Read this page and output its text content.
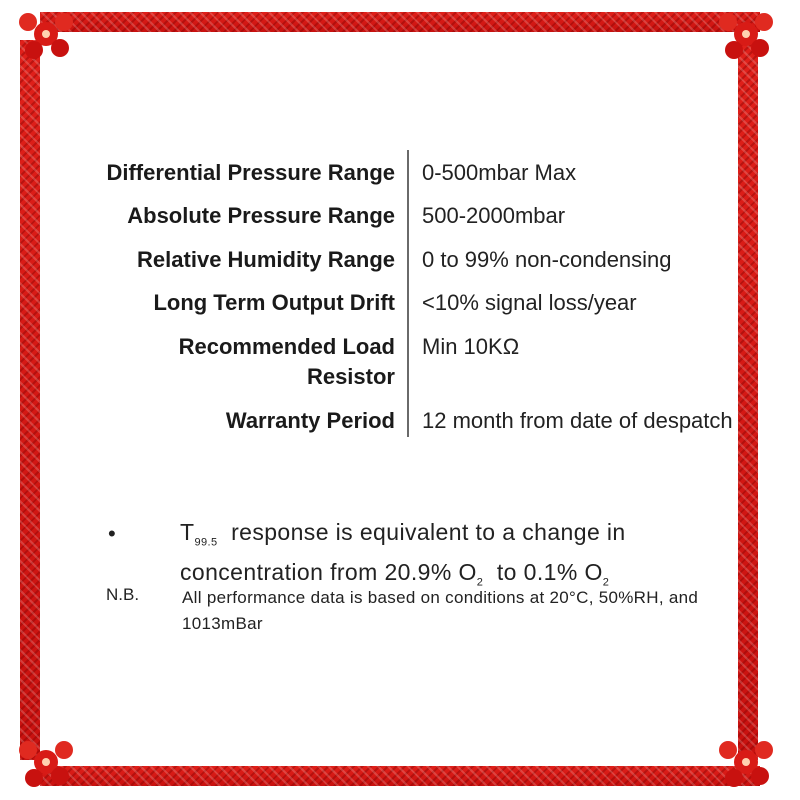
Differential Pressure Range 0-500mbar Max
Absolute Pressure Range 500-2000mbar
Relative Humidity Range 0 to 99% non-condensing
Long Term Output Drift <10% signal loss/year
Recommended Load
Resistor
Min 10KΩ
Warranty Period 12 month from date of despatch
•	$T_{99.5}$ response is equivalent to a change in concentration from 20.9% $O_2$ to 0.1% $O_2$
N.B.	All performance data is based on conditions at 20°C, 50%RH, and 1013mBar
